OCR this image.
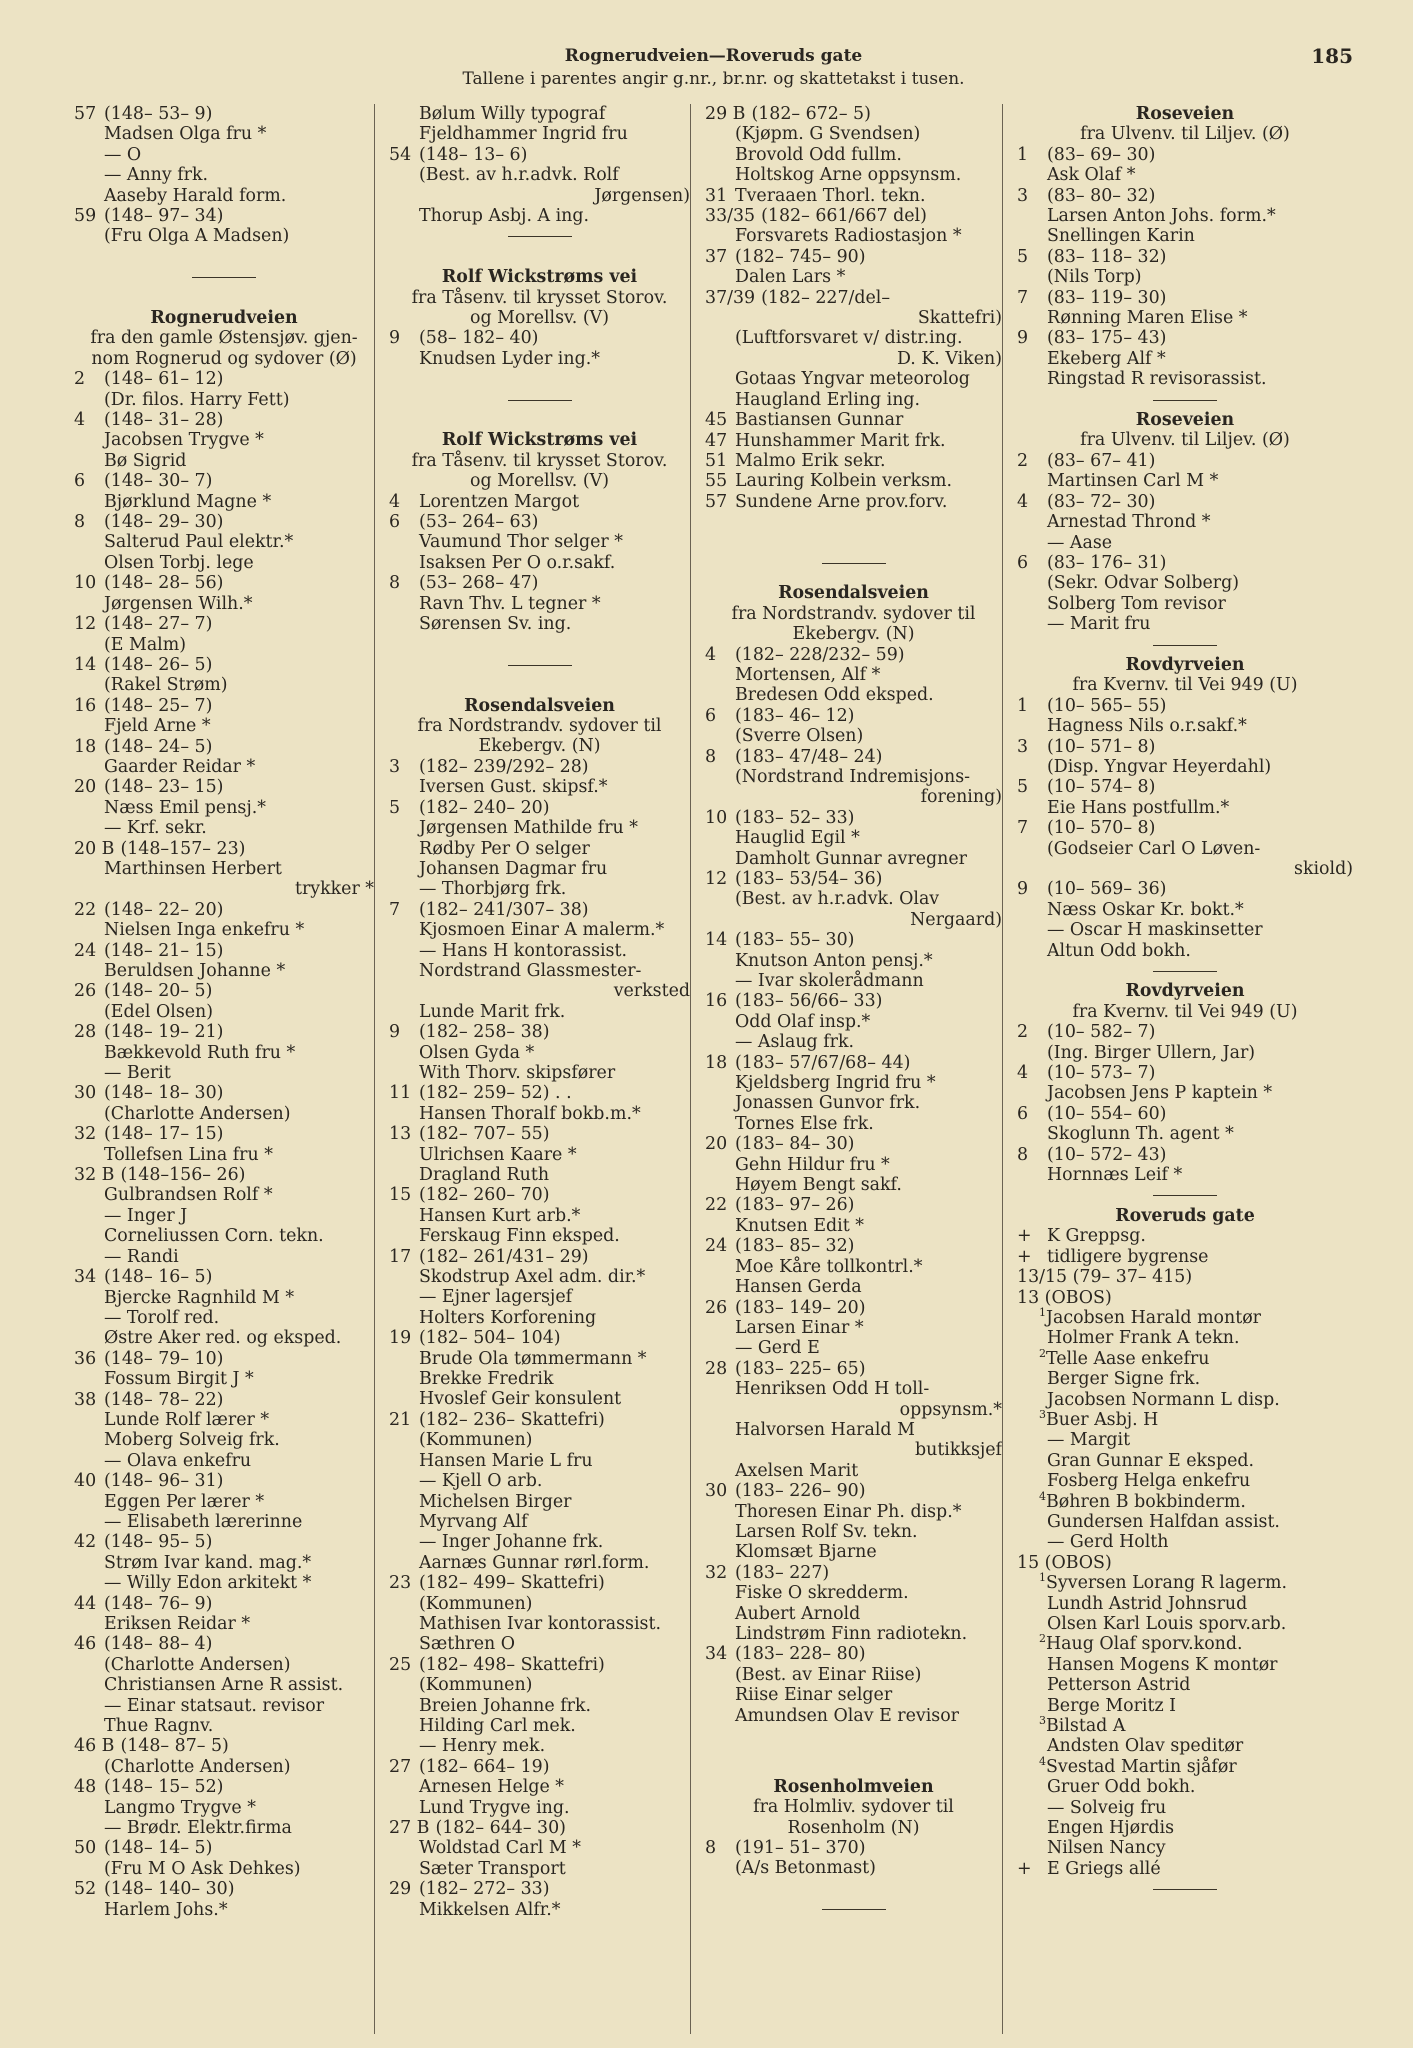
Rognerudveien—Roveruds gate
Tallene i parentes angir g.nr., br.nr. og skattetakst i tusen.
185
57 (148– 53– 9)
Madsen Olga fru *
— O
— Anny frk.
Aaseby Harald form.
59 (148– 97– 34)
(Fru Olga A Madsen)
Rognerudveien
fra den gamle Østensjøv. gjen-
nom Rognerud og sydover (Ø)
2 (148– 61– 12)
(Dr. filos. Harry Fett)
4 (148– 31– 28)
Jacobsen Trygve *
Bø Sigrid
6 (148– 30– 7)
Bjørklund Magne *
8 (148– 29– 30)
Salterud Paul elektr.*
Olsen Torbj. lege
10 (148– 28– 56)
Jørgensen Wilh.*
12 (148– 27– 7)
(E Malm)
14 (148– 26– 5)
(Rakel Strøm)
16 (148– 25– 7)
Fjeld Arne *
18 (148– 24– 5)
Gaarder Reidar *
20 (148– 23– 15)
Næss Emil pensj.*
— Krf. sekr.
20 B (148–157– 23)
Marthinsen Herbert
trykker *
22 (148– 22– 20)
Nielsen Inga enkefru *
24 (148– 21– 15)
Beruldsen Johanne *
26 (148– 20– 5)
(Edel Olsen)
28 (148– 19– 21)
Bækkevold Ruth fru *
— Berit
30 (148– 18– 30)
(Charlotte Andersen)
32 (148– 17– 15)
Tollefsen Lina fru *
32 B (148–156– 26)
Gulbrandsen Rolf *
— Inger J
Corneliussen Corn. tekn.
— Randi
34 (148– 16– 5)
Bjercke Ragnhild M *
— Torolf red.
Østre Aker red. og eksped.
36 (148– 79– 10)
Fossum Birgit J *
38 (148– 78– 22)
Lunde Rolf lærer *
Moberg Solveig frk.
— Olava enkefru
40 (148– 96– 31)
Eggen Per lærer *
— Elisabeth lærerinne
42 (148– 95– 5)
Strøm Ivar kand. mag.*
— Willy Edon arkitekt *
44 (148– 76– 9)
Eriksen Reidar *
46 (148– 88– 4)
(Charlotte Andersen)
Christiansen Arne R assist.
— Einar statsaut. revisor
Thue Ragnv.
46 B (148– 87– 5)
(Charlotte Andersen)
48 (148– 15– 52)
Langmo Trygve *
— Brødr. Elektr.firma
50 (148– 14– 5)
(Fru M O Ask Dehkes)
52 (148– 140– 30)
Harlem Johs.*
Bølum Willy typograf
Fjeldhammer Ingrid fru
54 (148– 13– 6)
(Best. av h.r.advk. Rolf
Jørgensen)
Thorup Asbj. A ing.
Rolf Wickstrøms vei
fra Tåsenv. til krysset Storov.
og Morellsv. (V)
9 (58– 182– 40)
Knudsen Lyder ing.*
Rolf Wickstrøms vei
fra Tåsenv. til krysset Storov.
og Morellsv. (V)
4 Lorentzen Margot
6 (53– 264– 63)
Vaumund Thor selger *
Isaksen Per O o.r.sakf.
8 (53– 268– 47)
Ravn Thv. L tegner *
Sørensen Sv. ing.
Rosendalsveien
fra Nordstrandv. sydover til
Ekebergv. (N)
3 (182– 239/292– 28)
Iversen Gust. skipsf.*
5 (182– 240– 20)
Jørgensen Mathilde fru *
Rødby Per O selger
Johansen Dagmar fru
— Thorbjørg frk.
7 (182– 241/307– 38)
Kjosmoen Einar A malerm.*
— Hans H kontorassist.
Nordstrand Glassmester-
verksted
Lunde Marit frk.
9 (182– 258– 38)
Olsen Gyda *
With Thorv. skipsfører
11 (182– 259– 52) . .
Hansen Thoralf bokb.m.*
13 (182– 707– 55)
Ulrichsen Kaare *
Dragland Ruth
15 (182– 260– 70)
Hansen Kurt arb.*
Ferskaug Finn eksped.
17 (182– 261/431– 29)
Skodstrup Axel adm. dir.*
— Ejner lagersjef
Holters Korforening
19 (182– 504– 104)
Brude Ola tømmermann *
Brekke Fredrik
Hvoslef Geir konsulent
21 (182– 236– Skattefri)
(Kommunen)
Hansen Marie L fru
— Kjell O arb.
Michelsen Birger
Myrvang Alf
— Inger Johanne frk.
Aarnæs Gunnar rørl.form.
23 (182– 499– Skattefri)
(Kommunen)
Mathisen Ivar kontorassist.
Sæthren O
25 (182– 498– Skattefri)
(Kommunen)
Breien Johanne frk.
Hilding Carl mek.
— Henry mek.
27 (182– 664– 19)
Arnesen Helge *
Lund Trygve ing.
27 B (182– 644– 30)
Woldstad Carl M *
Sæter Transport
29 (182– 272– 33)
Mikkelsen Alfr.*
29 B (182– 672– 5)
(Kjøpm. G Svendsen)
Brovold Odd fullm.
Holtskog Arne oppsynsm.
31 Tveraaen Thorl. tekn.
33/35 (182– 661/667 del)
Forsvarets Radiostasjon *
37 (182– 745– 90)
Dalen Lars *
37/39 (182– 227/del–
Skattefri)
(Luftforsvaret v/ distr.ing.
D. K. Viken)
Gotaas Yngvar meteorolog
Haugland Erling ing.
45 Bastiansen Gunnar
47 Hunshammer Marit frk.
51 Malmo Erik sekr.
55 Lauring Kolbein verksm.
57 Sundene Arne prov.forv.
Rosendalsveien
fra Nordstrandv. sydover til
Ekebergv. (N)
4 (182– 228/232– 59)
Mortensen, Alf *
Bredesen Odd eksped.
6 (183– 46– 12)
(Sverre Olsen)
8 (183– 47/48– 24)
(Nordstrand Indremisjons-
forening)
10 (183– 52– 33)
Hauglid Egil *
Damholt Gunnar avregner
12 (183– 53/54– 36)
(Best. av h.r.advk. Olav
Nergaard)
14 (183– 55– 30)
Knutson Anton pensj.*
— Ivar skolerådmann
16 (183– 56/66– 33)
Odd Olaf insp.*
— Aslaug frk.
18 (183– 57/67/68– 44)
Kjeldsberg Ingrid fru *
Jonassen Gunvor frk.
Tornes Else frk.
20 (183– 84– 30)
Gehn Hildur fru *
Høyem Bengt sakf.
22 (183– 97– 26)
Knutsen Edit *
24 (183– 85– 32)
Moe Kåre tollkontrl.*
Hansen Gerda
26 (183– 149– 20)
Larsen Einar *
— Gerd E
28 (183– 225– 65)
Henriksen Odd H toll-
oppsynsm.*
Halvorsen Harald M
butikksjef
Axelsen Marit
30 (183– 226– 90)
Thoresen Einar Ph. disp.*
Larsen Rolf Sv. tekn.
Klomsæt Bjarne
32 (183– 227)
Fiske O skredderm.
Aubert Arnold
Lindstrøm Finn radiotekn.
34 (183– 228– 80)
(Best. av Einar Riise)
Riise Einar selger
Amundsen Olav E revisor
Rosenholmveien
fra Holmliv. sydover til
Rosenholm (N)
8 (191– 51– 370)
(A/s Betonmast)
Roseveien
fra Ulvenv. til Liljev. (Ø)
1 (83– 69– 30)
Ask Olaf *
3 (83– 80– 32)
Larsen Anton Johs. form.*
Snellingen Karin
5 (83– 118– 32)
(Nils Torp)
7 (83– 119– 30)
Rønning Maren Elise *
9 (83– 175– 43)
Ekeberg Alf *
Ringstad R revisorassist.
Roseveien
fra Ulvenv. til Liljev. (Ø)
2 (83– 67– 41)
Martinsen Carl M *
4 (83– 72– 30)
Arnestad Thrond *
— Aase
6 (83– 176– 31)
(Sekr. Odvar Solberg)
Solberg Tom revisor
— Marit fru
Rovdyrveien
fra Kvernv. til Vei 949 (U)
1 (10– 565– 55)
Hagness Nils o.r.sakf.*
3 (10– 571– 8)
(Disp. Yngvar Heyerdahl)
5 (10– 574– 8)
Eie Hans postfullm.*
7 (10– 570– 8)
(Godseier Carl O Løven-
skiold)
9 (10– 569– 36)
Næss Oskar Kr. bokt.*
— Oscar H maskinsetter
Altun Odd bokh.
Rovdyrveien
fra Kvernv. til Vei 949 (U)
2 (10– 582– 7)
(Ing. Birger Ullern, Jar)
4 (10– 573– 7)
Jacobsen Jens P kaptein *
6 (10– 554– 60)
Skoglunn Th. agent *
8 (10– 572– 43)
Hornnæs Leif *
Roveruds gate
+ K Greppsg.
+ tidligere bygrense
13/15 (79– 37– 415)
13 (OBOS)
$^1$Jacobsen Harald montør
Holmer Frank A tekn.
$^2$Telle Aase enkefru
Berger Signe frk.
Jacobsen Normann L disp.
$^3$Buer Asbj. H
— Margit
Gran Gunnar E eksped.
Fosberg Helga enkefru
$^4$Bøhren B bokbinderm.
Gundersen Halfdan assist.
— Gerd Holth
15 (OBOS)
$^1$Syversen Lorang R lagerm.
Lundh Astrid Johnsrud
Olsen Karl Louis sporv.arb.
$^2$Haug Olaf sporv.kond.
Hansen Mogens K montør
Petterson Astrid
Berge Moritz I
$^3$Bilstad A
Andsten Olav speditør
$^4$Svestad Martin sjåfør
Gruer Odd bokh.
— Solveig fru
Engen Hjørdis
Nilsen Nancy
+ E Griegs allé
